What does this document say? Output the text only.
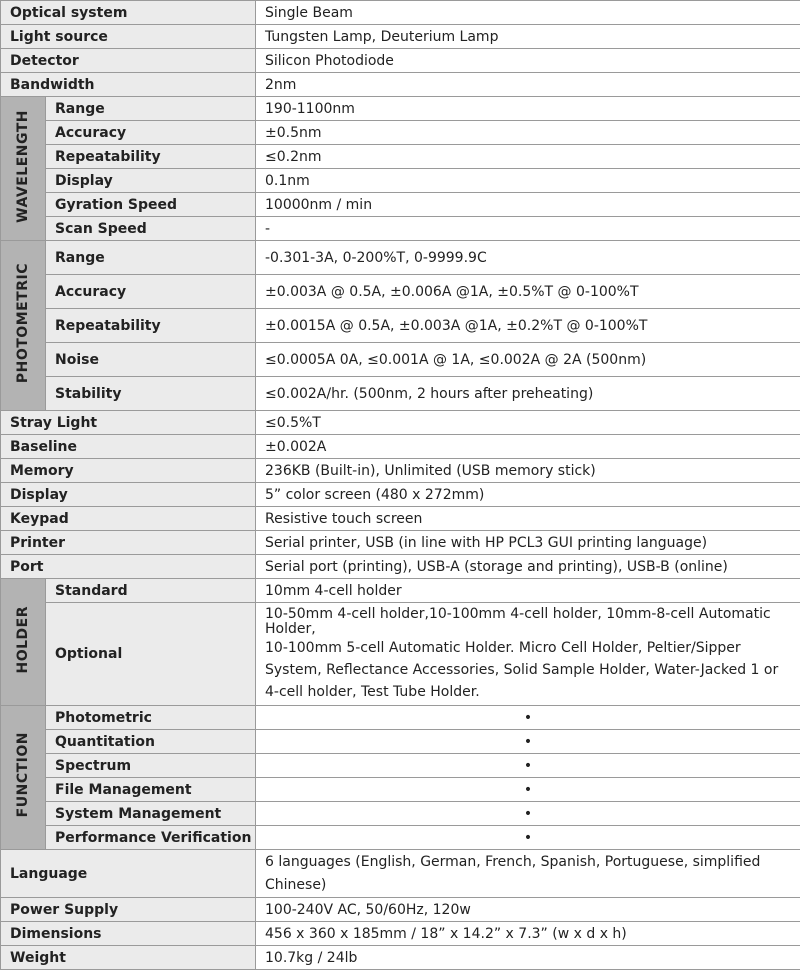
Optical system		Single Beam
Light source		Tungsten Lamp, Deuterium Lamp
Detector		Silicon Photodiode
Bandwidth		2nm
WAVELENGTH	Range	190-1100nm
	Accuracy	±0.5nm
	Repeatability	≤0.2nm
	Display	0.1nm
	Gyration Speed	10000nm / min
	Scan Speed	-
PHOTOMETRIC	Range	-0.301-3A, 0-200%T, 0-9999.9C
	Accuracy	±0.003A @ 0.5A, ±0.006A @1A, ±0.5%T @ 0-100%T
	Repeatability	±0.0015A @ 0.5A, ±0.003A @1A, ±0.2%T @ 0-100%T
	Noise	≤0.0005A 0A, ≤0.001A @ 1A, ≤0.002A @ 2A (500nm)
	Stability	≤0.002A/hr. (500nm, 2 hours after preheating)
Stray Light		≤0.5%T
Baseline		±0.002A
Memory		236KB (Built-in), Unlimited (USB memory stick)
Display		5” color screen (480 x 272mm)
Keypad		Resistive touch screen
Printer		Serial printer, USB (in line with HP PCL3 GUI printing language)
Port		Serial port (printing), USB-A (storage and printing), USB-B (online)
HOLDER	Standard	10mm 4-cell holder
	Optional	10-50mm 4-cell holder,10-100mm 4-cell holder, 10mm-8-cell Automatic Holder,
10-100mm 5-cell Automatic Holder. Micro Cell Holder, Peltier/Sipper System, Reflectance Accessories, Solid Sample Holder, Water-Jacked 1 or 4-cell holder, Test Tube Holder.

FUNCTION	Photometric	•
	Quantitation	•
	Spectrum	•
	File Management	•
	System Management	•
	Performance Verification	•
Language		6 languages (English, German, French, Spanish, Portuguese, simplified Chinese)
Power Supply		100-240V AC, 50/60Hz, 120w
Dimensions		456 x 360 x 185mm / 18” x 14.2” x 7.3” (w x d x h)
Weight		10.7kg / 24lb
